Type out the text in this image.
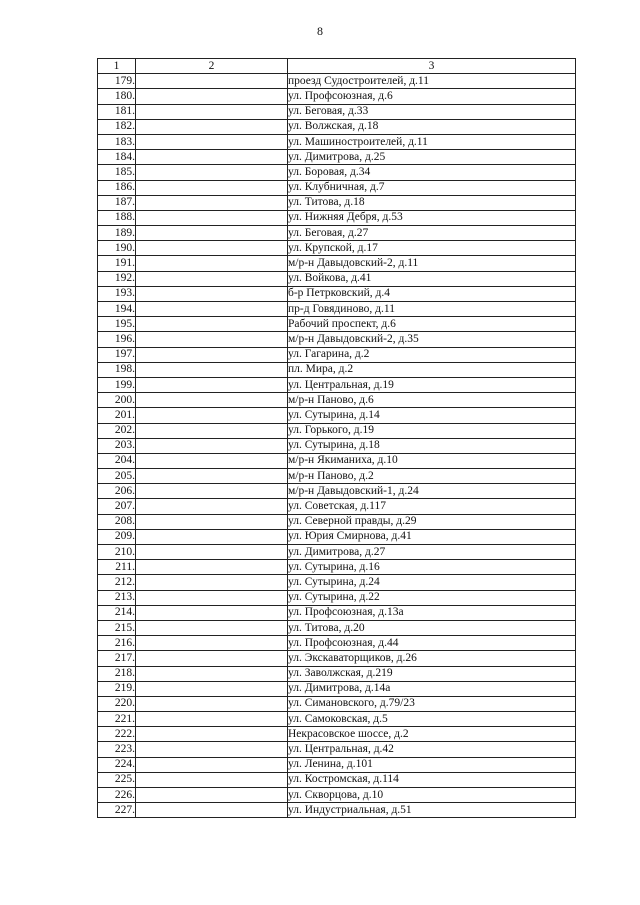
8
1	2	3
179.		проезд Судостроителей, д.11
180.		ул. Профсоюзная, д.6
181.		ул. Беговая, д.33
182.		ул. Волжская, д.18
183.		ул. Машиностроителей, д.11
184.		ул. Димитрова, д.25
185.		ул. Боровая, д.34
186.		ул. Клубничная, д.7
187.		ул. Титова, д.18
188.		ул. Нижняя Дебря, д.53
189.		ул. Беговая, д.27
190.		ул. Крупской, д.17
191.		м/р-н Давыдовский-2, д.11
192.		ул. Войкова, д.41
193.		б-р Петрковский, д.4
194.		пр-д Говядиново, д.11
195.		Рабочий проспект, д.6
196.		м/р-н Давыдовский-2, д.35
197.		ул. Гагарина, д.2
198.		пл. Мира, д.2
199.		ул. Центральная, д.19
200.		м/р-н Паново, д.6
201.		ул. Сутырина, д.14
202.		ул. Горького, д.19
203.		ул. Сутырина, д.18
204.		м/р-н Якиманиха, д.10
205.		м/р-н Паново, д.2
206.		м/р-н Давыдовский-1, д.24
207.		ул. Советская, д.117
208.		ул. Северной правды, д.29
209.		ул. Юрия Смирнова, д.41
210.		ул. Димитрова, д.27
211.		ул. Сутырина, д.16
212.		ул. Сутырина, д.24
213.		ул. Сутырина, д.22
214.		ул. Профсоюзная, д.13а
215.		ул. Титова, д.20
216.		ул. Профсоюзная, д.44
217.		ул. Экскаваторщиков, д.26
218.		ул. Заволжская, д.219
219.		ул. Димитрова, д.14а
220.		ул. Симановского, д.79/23
221.		ул. Самоковская, д.5
222.		Некрасовское шоссе, д.2
223.		ул. Центральная, д.42
224.		ул. Ленина, д.101
225.		ул. Костромская, д.114
226.		ул. Скворцова, д.10
227.		ул. Индустриальная, д.51
